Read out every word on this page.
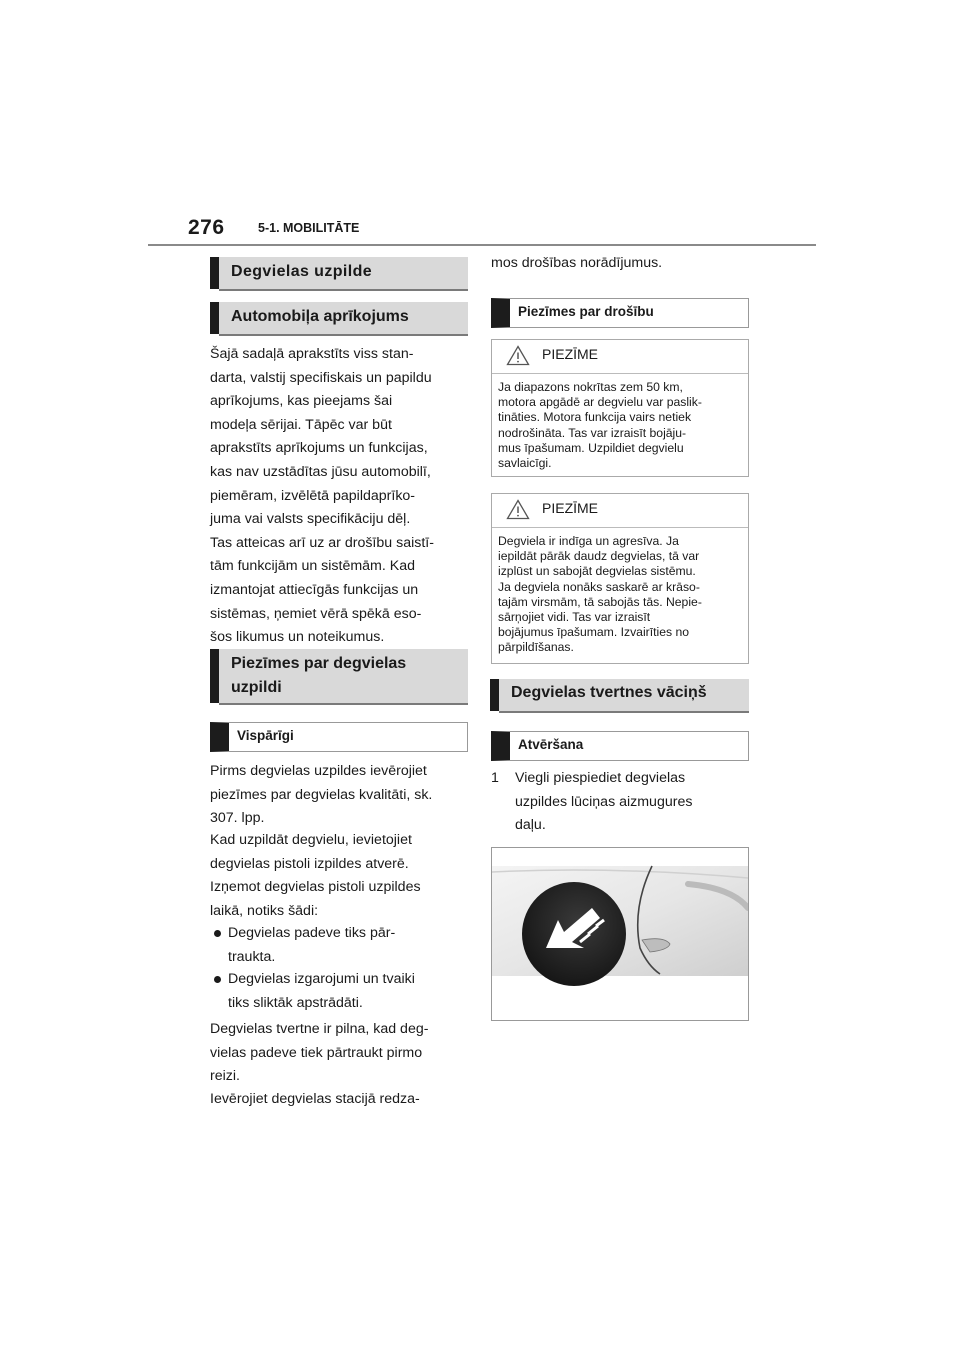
276	5-1. MOBILITĀTE
Degvielas uzpilde
Automobiļa aprīkojums
Šajā sadaļā aprakstīts viss stan-
darta, valstij specifiskais un papildu
aprīkojums, kas pieejams šai
modeļa sērijai. Tāpēc var būt
aprakstīts aprīkojums un funkcijas,
kas nav uzstādītas jūsu automobilī,
piemēram, izvēlētā papildaprīko-
juma vai valsts specifikāciju dēļ.
Tas atteicas arī uz ar drošību saistī-
tām funkcijām un sistēmām. Kad
izmantojat attiecīgās funkcijas un
sistēmas, ņemiet vērā spēkā eso-
šos likumus un noteikumus.
Piezīmes par degvielas
uzpildi
Vispārīgi
Pirms degvielas uzpildes ievērojiet
piezīmes par degvielas kvalitāti, sk.
307. lpp.
Kad uzpildāt degvielu, ievietojiet
degvielas pistoli izpildes atverē.
Izņemot degvielas pistoli uzpildes
laikā, notiks šādi:
Degvielas padeve tiks pār-
traukta.
Degvielas izgarojumi un tvaiki
tiks sliktāk apstrādāti.
Degvielas tvertne ir pilna, kad deg-
vielas padeve tiek pārtraukt pirmo
reizi.
Ievērojiet degvielas stacijā redza-
mos drošības norādījumus.
Piezīmes par drošību
PIEZĪME
Ja diapazons nokrītas zem 50 km,
motora apgādē ar degvielu var paslik-
tināties. Motora funkcija vairs netiek
nodrošināta. Tas var izraisīt bojāju-
mus īpašumam. Uzpildiet degvielu
savlaicīgi.
PIEZĪME
Degviela ir indīga un agresīva. Ja
iepildāt pārāk daudz degvielas, tā var
izplūst un sabojāt degvielas sistēmu.
Ja degviela nonāks saskarē ar krāso-
tajām virsmām, tā sabojās tās. Nepie-
sārņojiet vidi. Tas var izraisīt
bojājumus īpašumam. Izvairīties no
pārpildīšanas.
Degvielas tvertnes vāciņš
Atvēršana
1 Viegli piespiediet degvielas
uzpildes lūciņas aizmugures
daļu.
